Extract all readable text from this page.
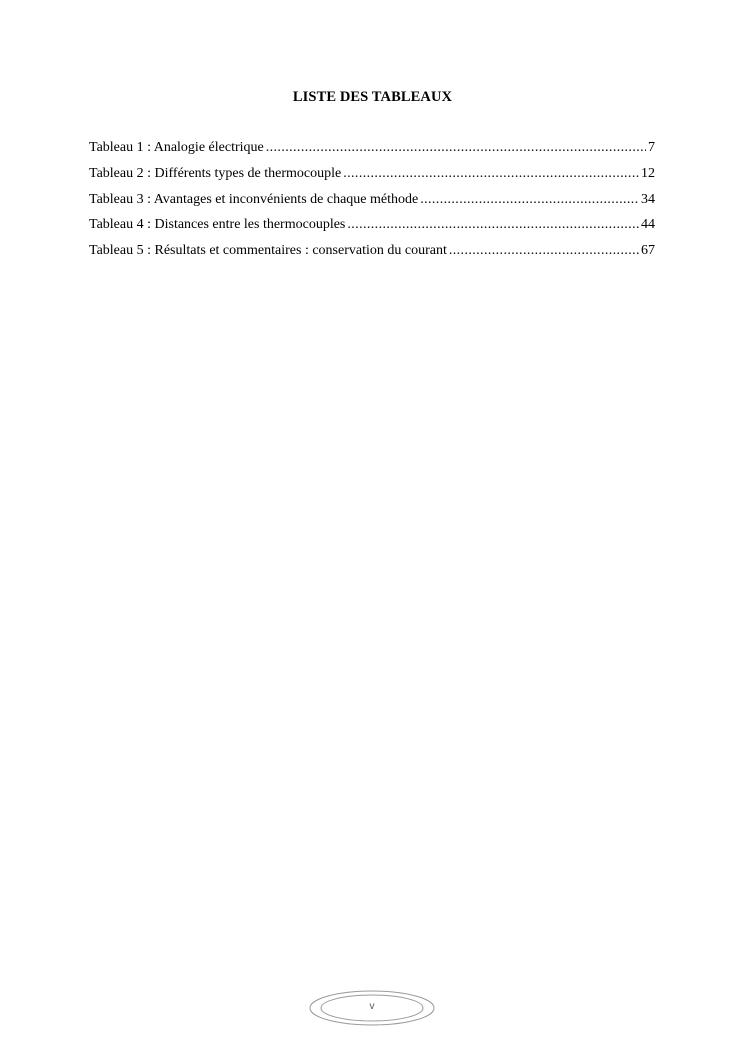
LISTE DES TABLEAUX
Tableau 1 : Analogie électrique .....	7
Tableau 2 : Différents types de thermocouple .....	12
Tableau 3 : Avantages et inconvénients de chaque méthode .....	34
Tableau 4 : Distances entre les thermocouples .....	44
Tableau 5 : Résultats et commentaires : conservation du courant .....	67
v
